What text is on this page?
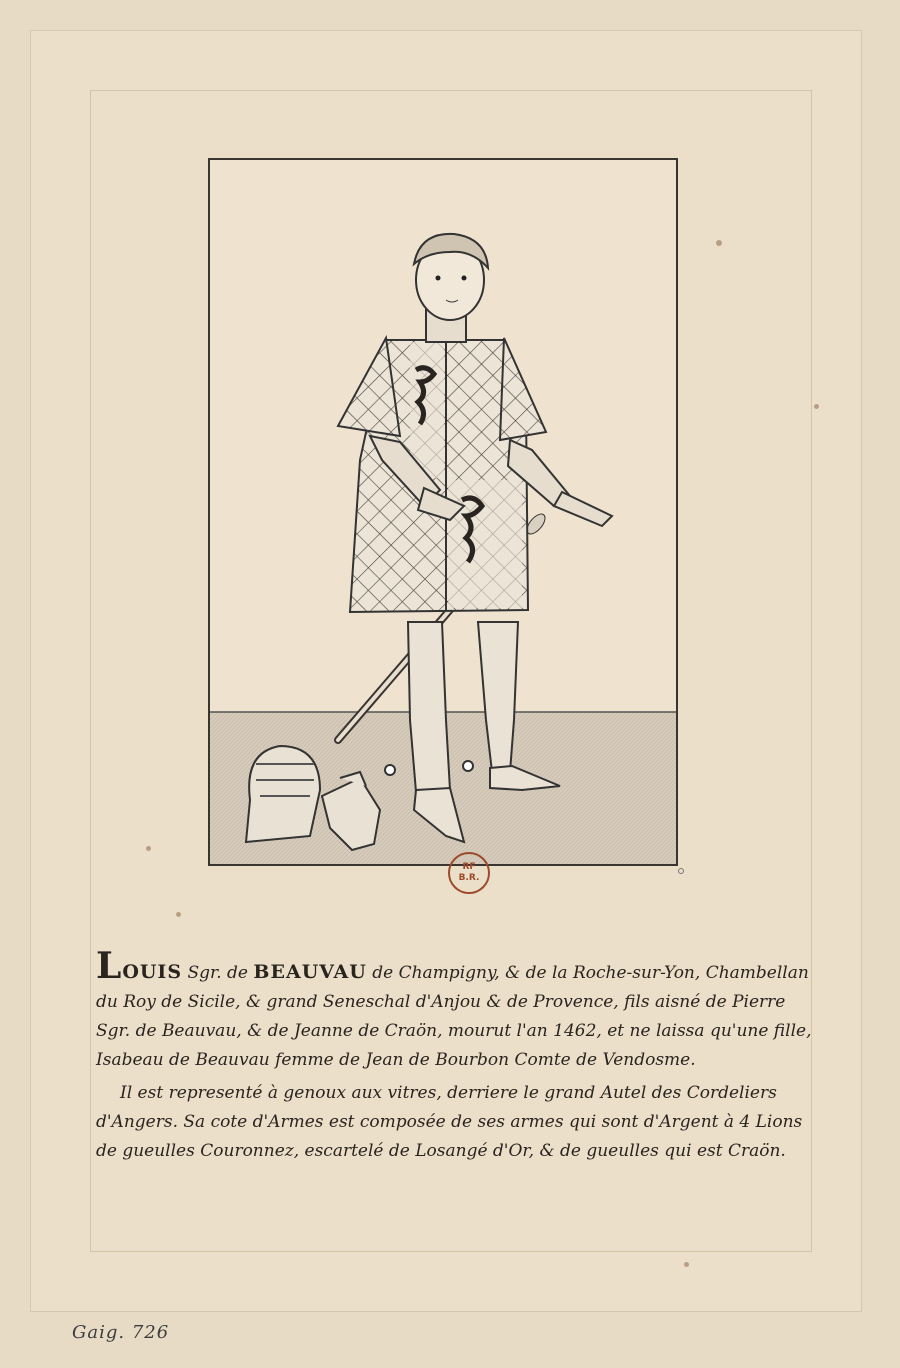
RF
B.R.

LOUIS Sgr. de BEAUVAU de Champigny, & de la Roche-sur-Yon, Chambellan du Roy de Sicile, & grand Seneschal d'Anjou & de Provence, fils aisné de Pierre Sgr. de Beauvau, & de Jeanne de Craön, mourut l'an 1462, et ne laissa qu'une fille, Isabeau de Beauvau femme de Jean de Bourbon Comte de Vendosme.

Il est representé à genoux aux vitres, derriere le grand Autel des Cordeliers d'Angers. Sa cote d'Armes est composée de ses armes qui sont d'Argent à 4 Lions de gueulles Couronnez, escartelé de Losangé d'Or, & de gueulles qui est Craön.

Gaig. 726
